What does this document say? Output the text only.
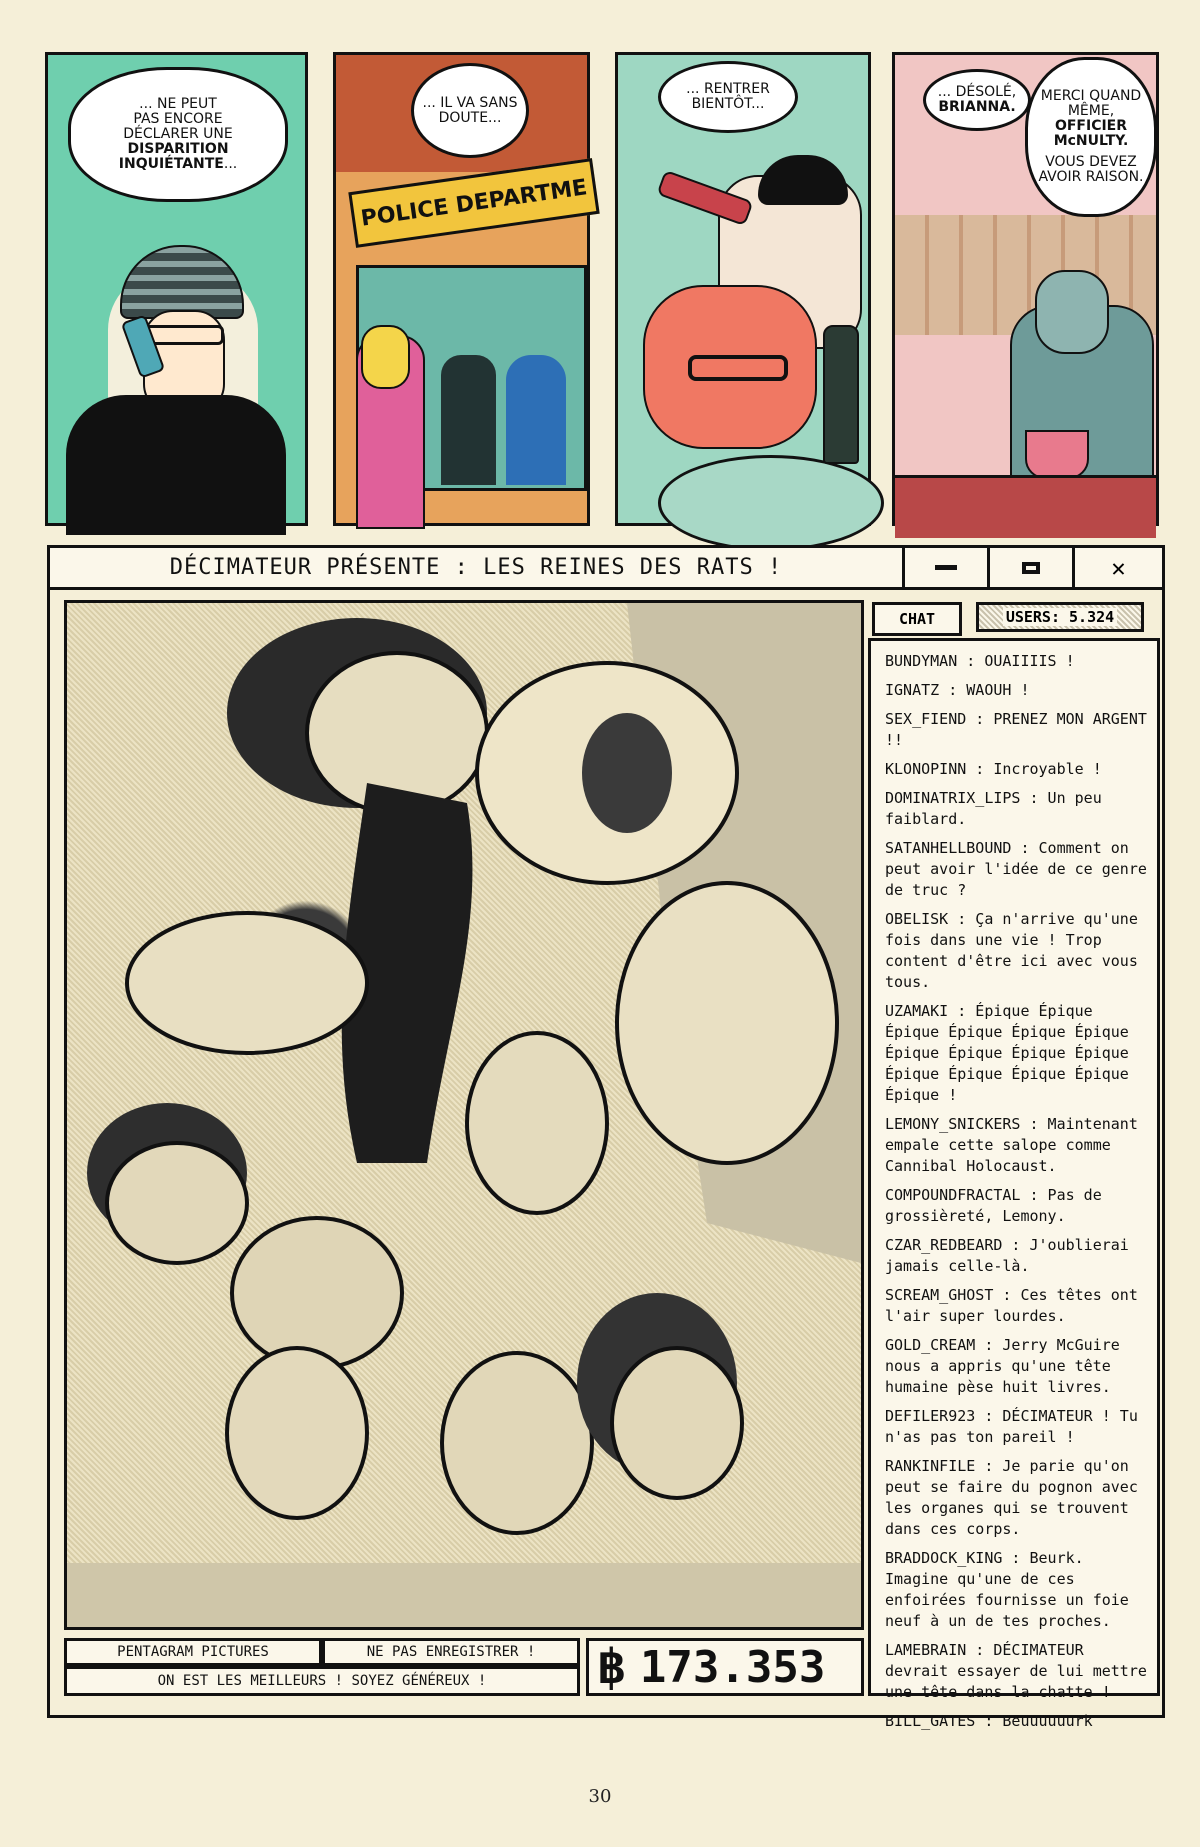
... NE PEUT
PAS ENCORE
DÉCLARER UNE
DISPARITION
INQUIÉTANTE...
POLICE DEPARTME
... IL VA SANS DOUTE...
... RENTRER BIENTÔT...
... DÉSOLÉ,
BRIANNA.
MERCI QUAND MÊME,
OFFICIER McNULTY.
VOUS DEVEZ AVOIR RAISON.
DÉCIMATEUR PRÉSENTE : LES REINES DES RATS !	✕
PENTAGRAM PICTURES	NE PAS ENREGISTRER !
ON EST LES MEILLEURS ! SOYEZ GÉNÉREUX !	฿ 173.353
CHAT	USERS: 5.324
BUNDYMAN : OUAIIIIS !
IGNATZ : WAOUH !
SEX_FIEND : PRENEZ MON ARGENT !!
KLONOPINN : Incroyable !
DOMINATRIX_LIPS : Un peu faiblard.
SATANHELLBOUND : Comment on peut avoir l'idée de ce genre de truc ?
OBELISK : Ça n'arrive qu'une fois dans une vie ! Trop content d'être ici avec vous tous.
UZAMAKI : Épique Épique Épique Épique Épique Épique Épique Épique Épique Épique Épique Épique Épique Épique Épique !
LEMONY_SNICKERS : Maintenant empale cette salope comme Cannibal Holocaust.
COMPOUNDFRACTAL : Pas de grossièreté, Lemony.
CZAR_REDBEARD : J'oublierai jamais celle-là.
SCREAM_GHOST : Ces têtes ont l'air super lourdes.
GOLD_CREAM : Jerry McGuire nous a appris qu'une tête humaine pèse huit livres.
DEFILER923 : DÉCIMATEUR ! Tu n'as pas ton pareil !
RANKINFILE : Je parie qu'on peut se faire du pognon avec les organes qui se trouvent dans ces corps.
BRADDOCK_KING : Beurk. Imagine qu'une de ces enfoirées fournisse un foie neuf à un de tes proches.
LAMEBRAIN : DÉCIMATEUR devrait essayer de lui mettre une tête dans la chatte !
BILL_GATES : Beuuuuuurk
30
